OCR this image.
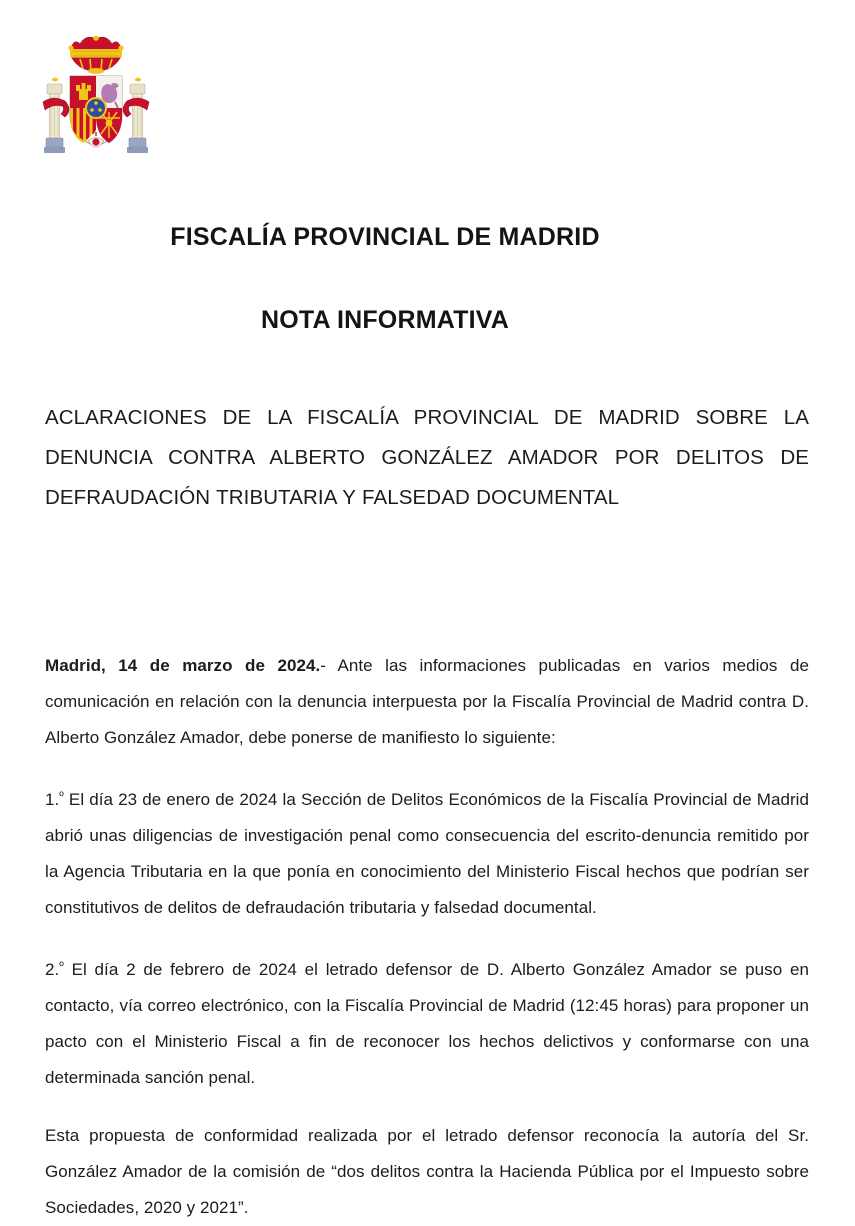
FISCALÍA PROVINCIAL DE MADRID
NOTA INFORMATIVA

ACLARACIONES DE LA FISCALÍA PROVINCIAL DE MADRID SOBRE LA DENUNCIA CONTRA ALBERTO GONZÁLEZ AMADOR POR DELITOS DE DEFRAUDACIÓN TRIBUTARIA Y FALSEDAD DOCUMENTAL

Madrid, 14 de marzo de 2024.- Ante las informaciones publicadas en varios medios de comunicación en relación con la denuncia interpuesta por la Fiscalía Provincial de Madrid contra D. Alberto González Amador, debe ponerse de manifiesto lo siguiente:

1.$^º$ El día 23 de enero de 2024 la Sección de Delitos Económicos de la Fiscalía Provincial de Madrid abrió unas diligencias de investigación penal como consecuencia del escrito-denuncia remitido por la Agencia Tributaria en la que ponía en conocimiento del Ministerio Fiscal hechos que podrían ser constitutivos de delitos de defraudación tributaria y falsedad documental.

2.$^º$ El día 2 de febrero de 2024 el letrado defensor de D. Alberto González Amador se puso en contacto, vía correo electrónico, con la Fiscalía Provincial de Madrid (12:45 horas) para proponer un pacto con el Ministerio Fiscal a fin de reconocer los hechos delictivos y conformarse con una determinada sanción penal.

Esta propuesta de conformidad realizada por el letrado defensor reconocía la autoría del Sr. González Amador de la comisión de “dos delitos contra la Hacienda Pública por el Impuesto sobre Sociedades, 2020 y 2021”.
